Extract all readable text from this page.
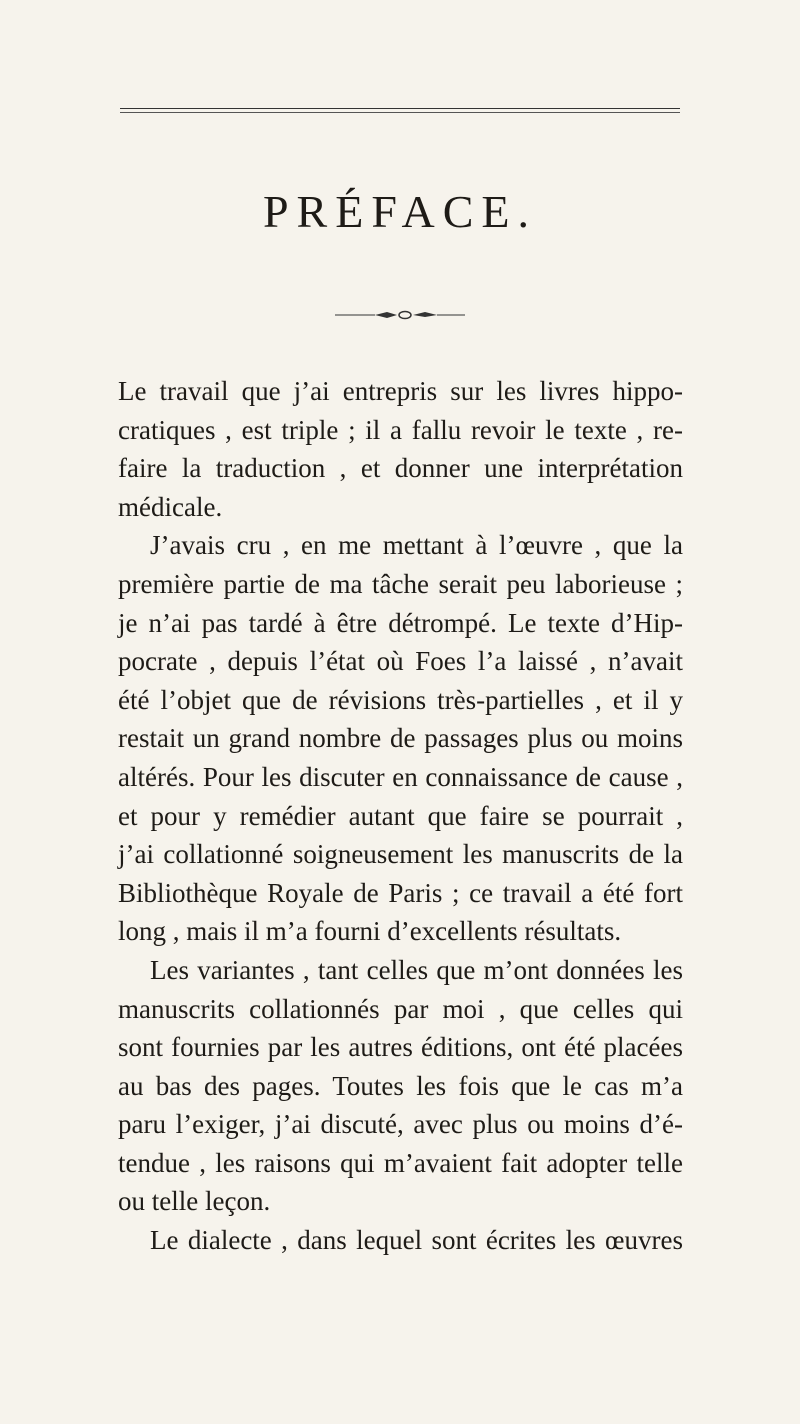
PRÉFACE.
Le travail que j’ai entrepris sur les livres hippo-
cratiques , est triple ; il a fallu revoir le texte , re-
faire la traduction , et donner une interprétation
médicale.
J’avais cru , en me mettant à l’œuvre , que la
première partie de ma tâche serait peu laborieuse ;
je n’ai pas tardé à être détrompé. Le texte d’Hip-
pocrate , depuis l’état où Foes l’a laissé , n’avait
été l’objet que de révisions très-partielles , et il y
restait un grand nombre de passages plus ou moins
altérés. Pour les discuter en connaissance de cause ,
et pour y remédier autant que faire se pourrait ,
j’ai collationné soigneusement les manuscrits de la
Bibliothèque Royale de Paris ; ce travail a été fort
long , mais il m’a fourni d’excellents résultats.
Les variantes , tant celles que m’ont données les
manuscrits collationnés par moi , que celles qui
sont fournies par les autres éditions, ont été placées
au bas des pages. Toutes les fois que le cas m’a
paru l’exiger, j’ai discuté, avec plus ou moins d’é-
tendue , les raisons qui m’avaient fait adopter telle
ou telle leçon.
Le dialecte , dans lequel sont écrites les œuvres
